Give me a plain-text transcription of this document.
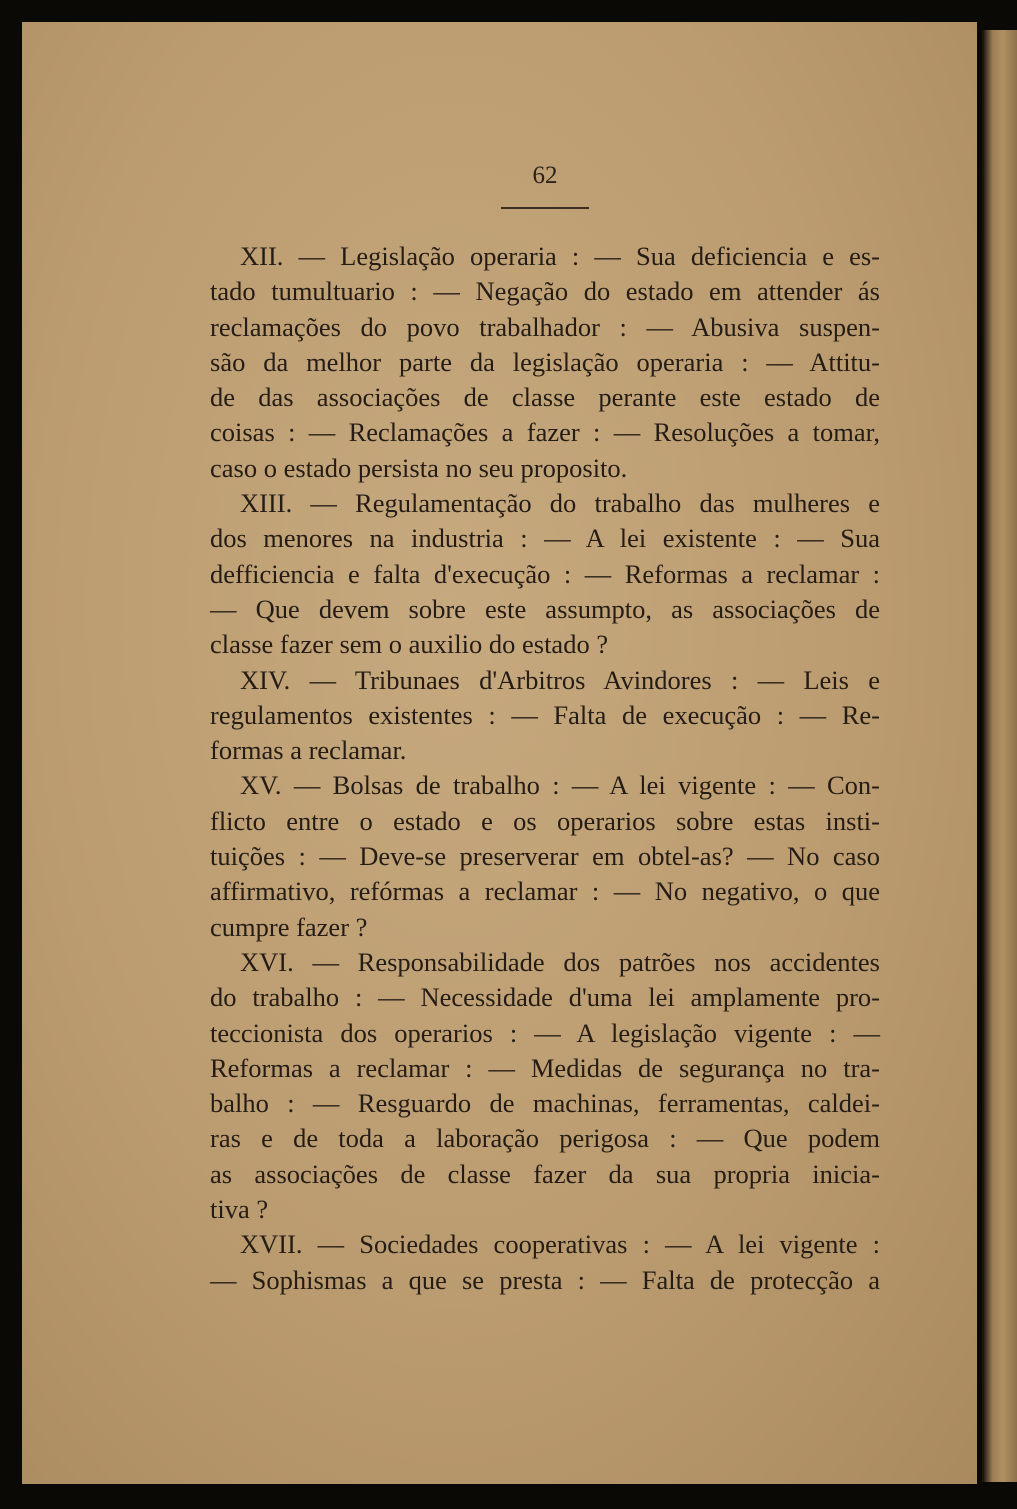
62
XII. — Legislação operaria : — Sua deficiencia e es-
tado tumultuario : — Negação do estado em attender ás
reclamações do povo trabalhador : — Abusiva suspen-
são da melhor parte da legislação operaria : — Attitu-
de das associações de classe perante este estado de
coisas : — Reclamações a fazer : — Resoluções a tomar,
caso o estado persista no seu proposito.
XIII. — Regulamentação do trabalho das mulheres e
dos menores na industria : — A lei existente : — Sua
defficiencia e falta d'execução : — Reformas a reclamar :
— Que devem sobre este assumpto, as associações de
classe fazer sem o auxilio do estado ?
XIV. — Tribunaes d'Arbitros Avindores : — Leis e
regulamentos existentes : — Falta de execução : — Re-
formas a reclamar.
XV. — Bolsas de trabalho : — A lei vigente : — Con-
flicto entre o estado e os operarios sobre estas insti-
tuições : — Deve-se preserverar em obtel-as? — No caso
affirmativo, refórmas a reclamar : — No negativo, o que
cumpre fazer ?
XVI. — Responsabilidade dos patrões nos accidentes
do trabalho : — Necessidade d'uma lei amplamente pro-
teccionista dos operarios : — A legislação vigente : —
Reformas a reclamar : — Medidas de segurança no tra-
balho : — Resguardo de machinas, ferramentas, caldei-
ras e de toda a laboração perigosa : — Que podem
as associações de classe fazer da sua propria inicia-
tiva ?
XVII. — Sociedades cooperativas : — A lei vigente :
— Sophismas a que se presta : — Falta de protecção a
